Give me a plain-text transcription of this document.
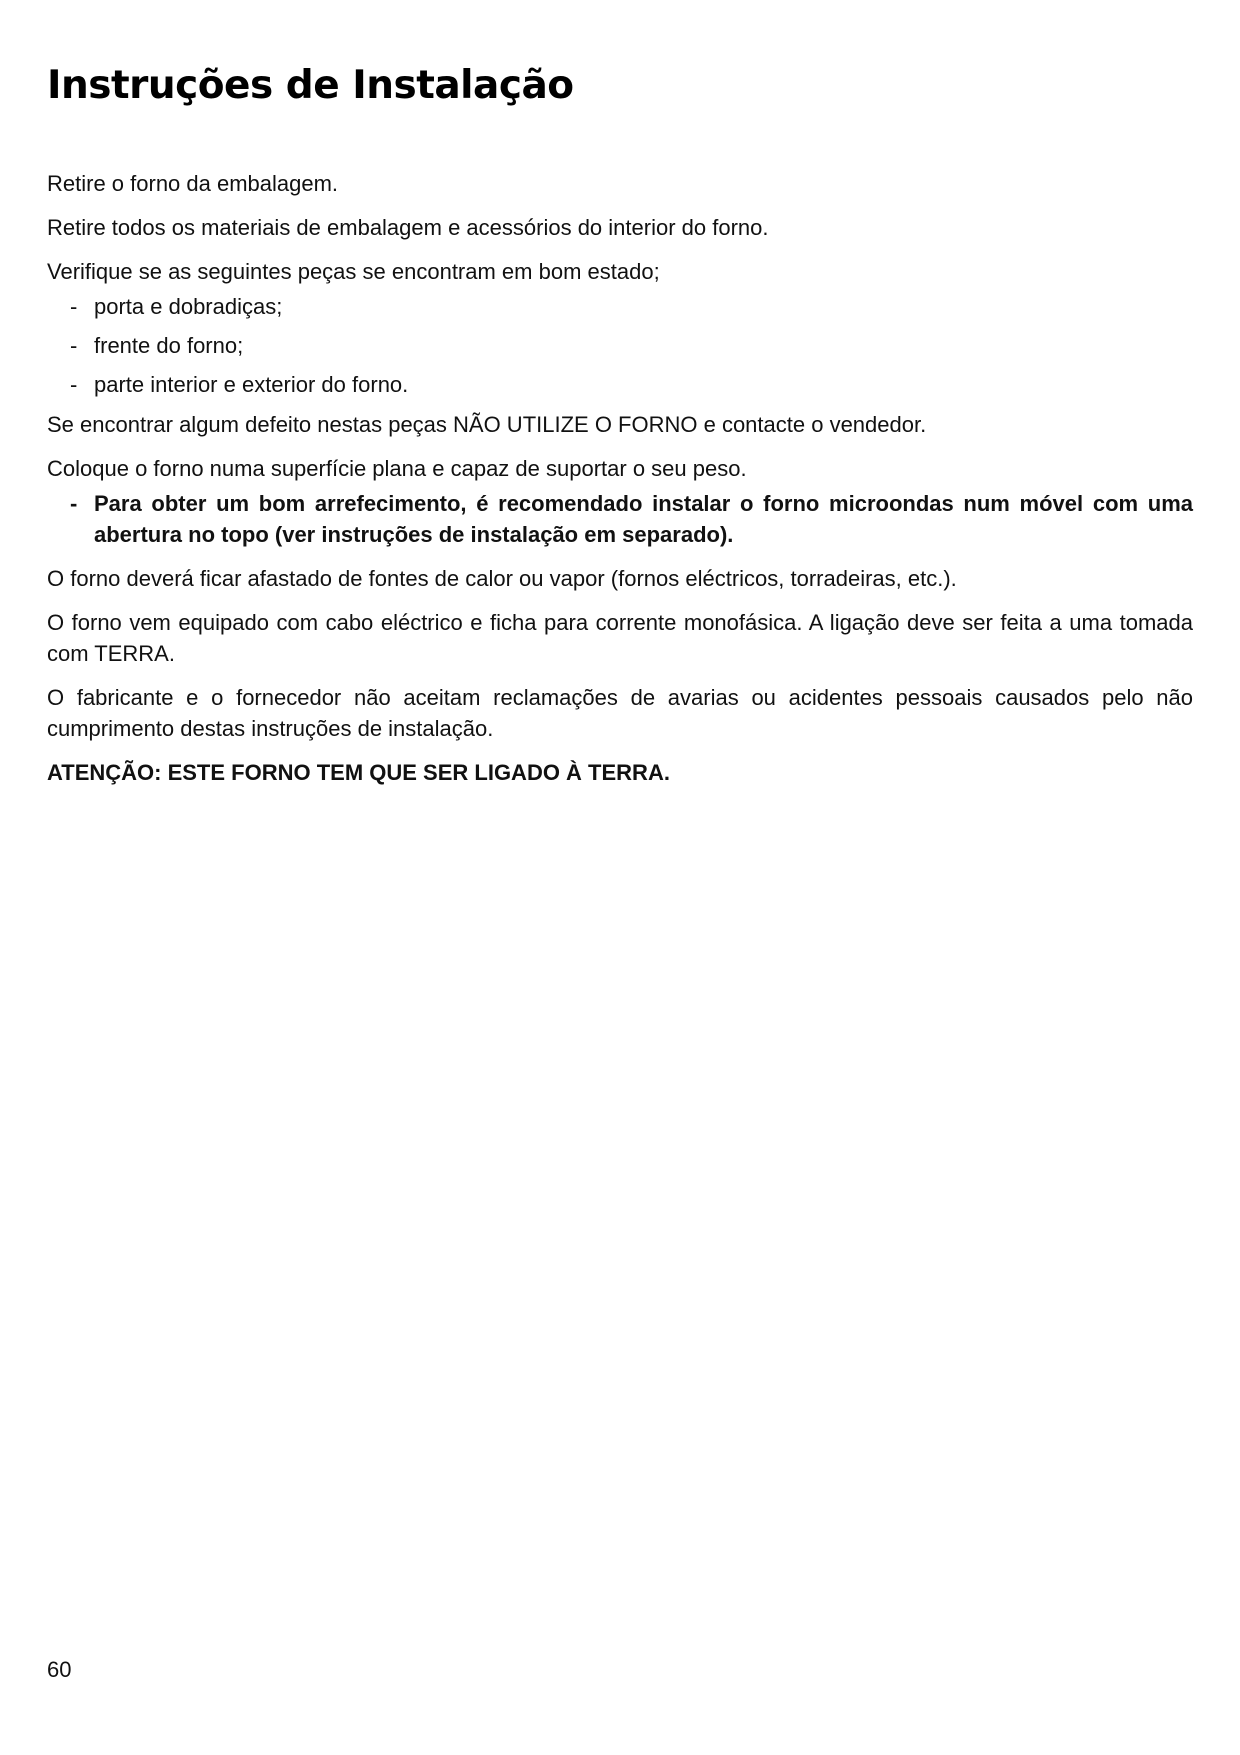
Instruções de Instalação

Retire o forno da embalagem.

Retire todos os materiais de embalagem e acessórios do interior do forno.

Verifique se as seguintes peças se encontram em bom estado;

- porta e dobradiças;
- frente do forno;
- parte interior e exterior do forno.

Se encontrar algum defeito nestas peças NÃO UTILIZE O FORNO e contacte o vendedor.

Coloque o forno numa superfície plana e capaz de suportar o seu peso.

- Para obter um bom arrefecimento, é recomendado instalar o forno microondas num móvel com uma abertura no topo (ver instruções de instalação em separado).

O forno deverá ficar afastado de fontes de calor ou vapor (fornos eléctricos, torradeiras, etc.).

O forno vem equipado com cabo eléctrico e ficha para corrente monofásica. A ligação deve ser feita a uma tomada com TERRA.

O fabricante e o fornecedor não aceitam reclamações de avarias ou acidentes pessoais causados pelo não cumprimento destas instruções de instalação.

ATENÇÃO: ESTE FORNO TEM QUE SER LIGADO À TERRA.

60
